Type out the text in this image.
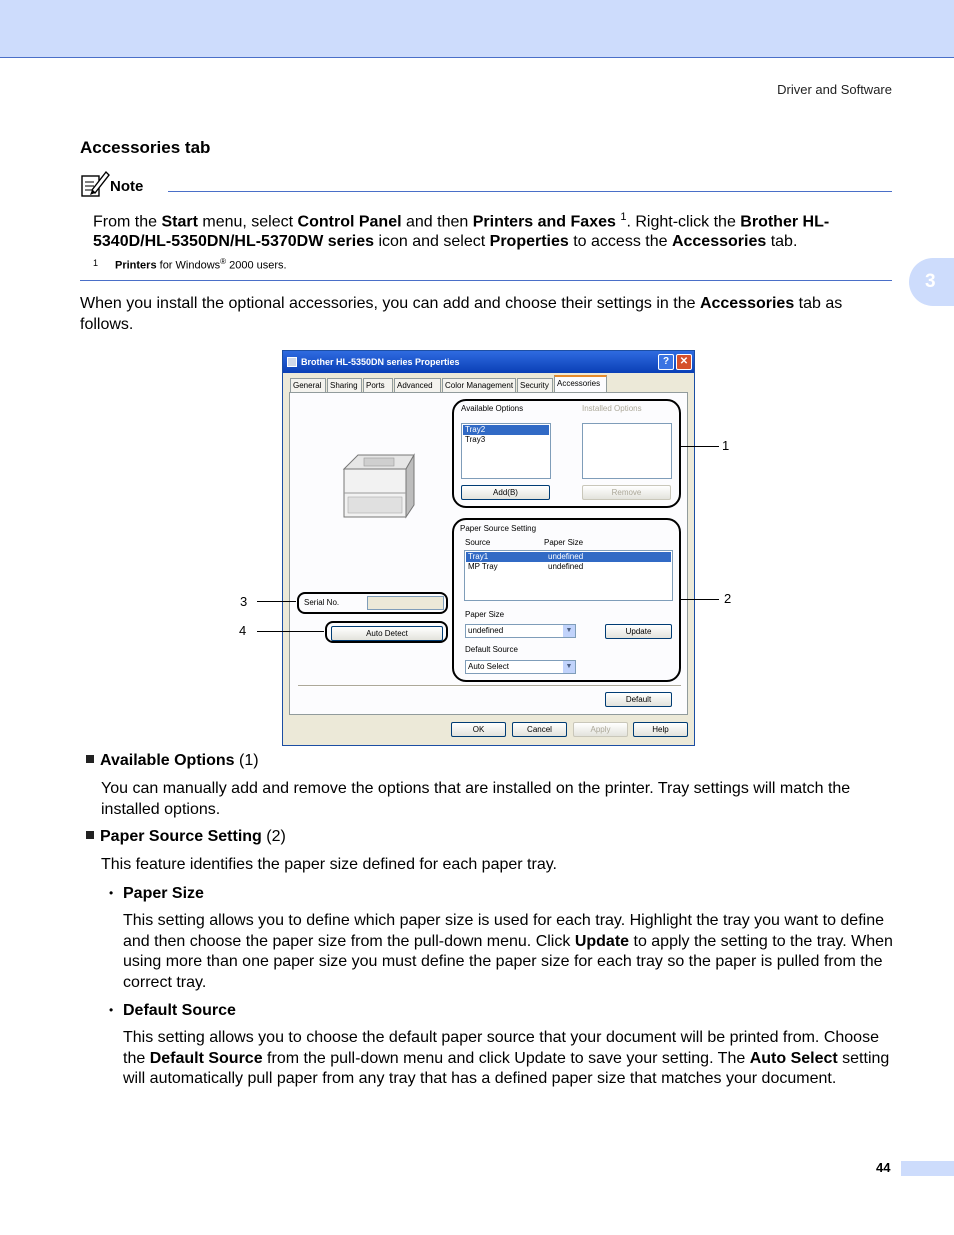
Driver and Software
3
Accessories tab
Note
From the Start menu, select Control Panel and then Printers and Faxes $^1$. Right-click the Brother HL-5340D/HL-5350DN/HL-5370DW series icon and select Properties to access the Accessories tab.
1 Printers for Windows® 2000 users.
When you install the optional accessories, you can add and choose their settings in the Accessories tab as follows.
Brother HL-5350DN series Properties	?	✕
General	Sharing	Ports	Advanced	Color Management Security	Accessories
Available Options	Installed Options
Tray2
Tray3
Add(B)	Remove
Paper Source Setting
Source	Paper Size
Tray1	undefined
MP Tray	undefined
Paper Size
undefined	▼	Update
Default Source
Auto Select	▼
Serial No.
Auto Detect
Default
OK	Cancel	Apply	Help
1
2
3
4
Available Options (1)
You can manually add and remove the options that are installed on the printer. Tray settings will match the installed options.
Paper Source Setting (2)
This feature identifies the paper size defined for each paper tray.
• Paper Size
This setting allows you to define which paper size is used for each tray. Highlight the tray you want to define and then choose the paper size from the pull-down menu. Click Update to apply the setting to the tray. When using more than one paper size you must define the paper size for each tray so the paper is pulled from the correct tray.
• Default Source
This setting allows you to choose the default paper source that your document will be printed from. Choose the Default Source from the pull-down menu and click Update to save your setting. The Auto Select setting will automatically pull paper from any tray that has a defined paper size that matches your document.
44
